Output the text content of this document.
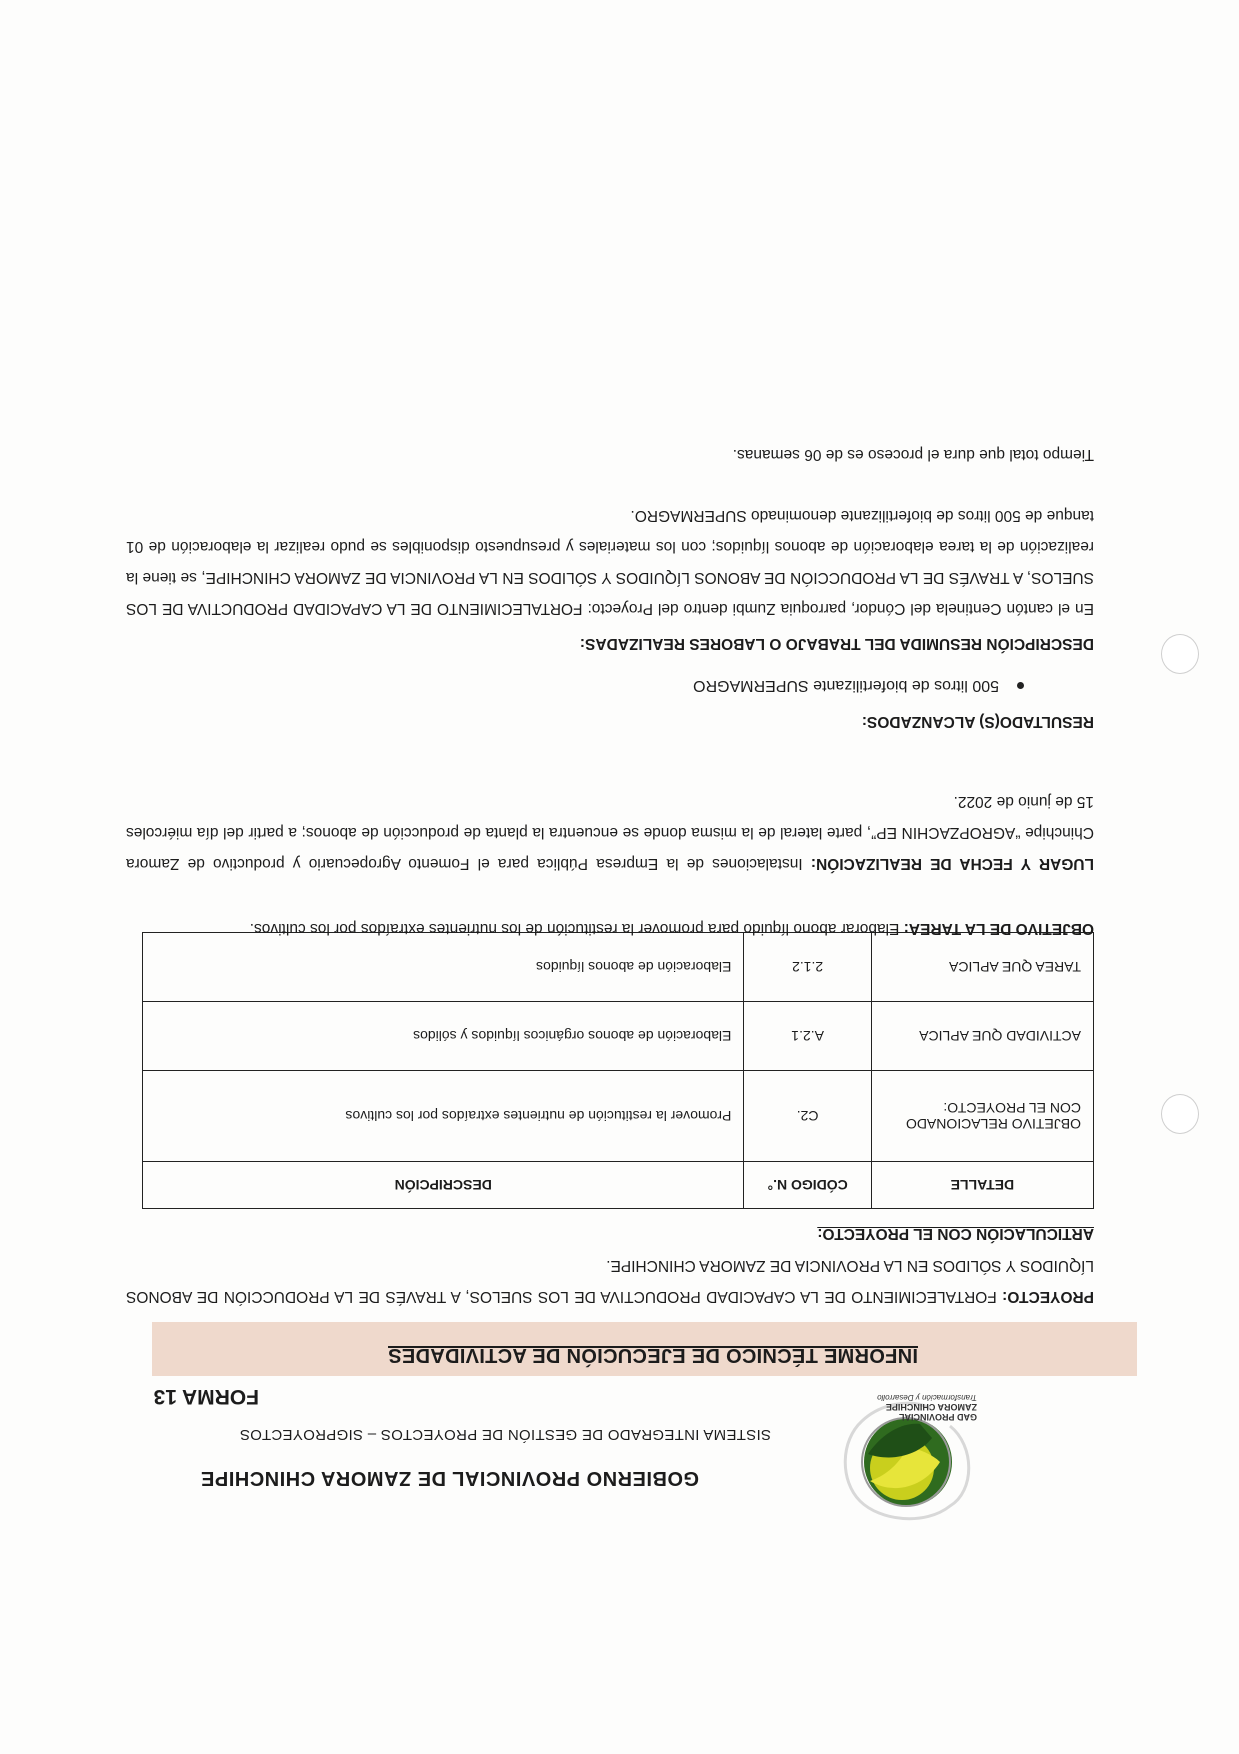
GAD PROVINCIAL ZAMORA CHINCHIPE
Transformación y Desarrollo
GOBIERNO PROVINCIAL DE ZAMORA CHINCHIPE
SISTEMA INTEGRADO DE GESTIÓN DE PROYECTOS – SIGPROYECTOS
FORMA 13
INFORME TÉCNICO DE EJECUCIÓN DE ACTIVIDADES
PROYECTO: FORTALECIMIENTO DE LA CAPACIDAD PRODUCTIVA DE LOS SUELOS, A TRAVÉS DE LA PRODUCCIÓN DE ABONOS LÍQUIDOS Y SÓLIDOS EN LA PROVINCIA DE ZAMORA CHINCHIPE.
ARTICULACIÓN CON EL PROYECTO:
DETALLE	CÓDIGO N.°	DESCRIPCIÓN
OBJETIVO RELACIONADO CON EL PROYECTO:	C2.	Promover la restitución de nutrientes extraídos por los cultivos
ACTIVIDAD QUE APLICA	A.2.1	Elaboración de abonos orgánicos líquidos y sólidos
TAREA QUE APLICA	2.1.2	Elaboración de abonos líquidos
OBJETIVO DE LA TAREA: Elaborar abono líquido para promover la restitución de los nutrientes extraídos por los cultivos.
LUGAR Y FECHA DE REALIZACIÓN: Instalaciones de la Empresa Pública para el Fomento Agropecuario y productivo de Zamora Chinchipe “AGROPZACHIN EP”, parte lateral de la misma donde se encuentra la planta de producción de abonos; a partir del día miércoles 15 de junio de 2022.
RESULTADO(S) ALCANZADOS:
500 litros de biofertilizante SUPERMAGRO
DESCRIPCIÓN RESUMIDA DEL TRABAJO O LABORES REALIZADAS:
En el cantón Centinela del Cóndor, parroquia Zumbi dentro del Proyecto: FORTALECIMIENTO DE LA CAPACIDAD PRODUCTIVA DE LOS SUELOS, A TRAVÉS DE LA PRODUCCIÓN DE ABONOS LÍQUIDOS Y SÓLIDOS EN LA PROVINCIA DE ZAMORA CHINCHIPE, se tiene la realización de la tarea elaboración de abonos líquidos; con los materiales y presupuesto disponibles se pudo realizar la elaboración de 01 tanque de 500 litros de biofertilizante denominado SUPERMAGRO.
Tiempo total que dura el proceso es de 06 semanas.
